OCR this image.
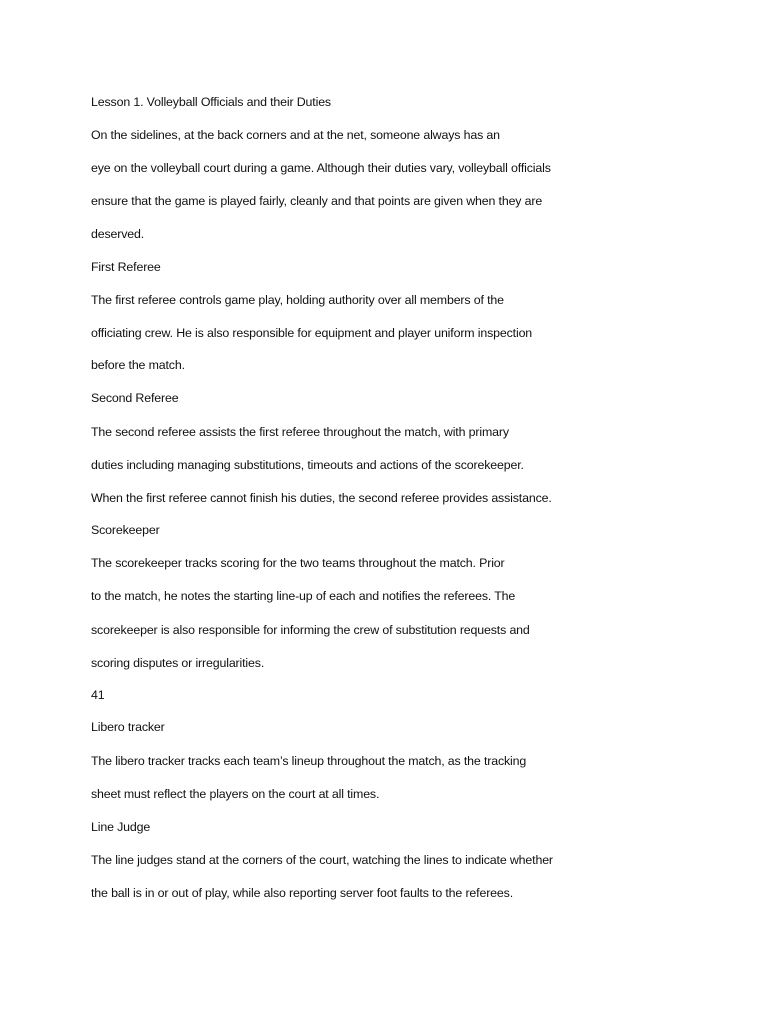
Lesson 1. Volleyball Officials and their Duties
On the sidelines, at the back corners and at the net, someone always has an
eye on the volleyball court during a game. Although their duties vary, volleyball officials
ensure that the game is played fairly, cleanly and that points are given when they are
deserved.
First Referee
The first referee controls game play, holding authority over all members of the
officiating crew. He is also responsible for equipment and player uniform inspection
before the match.
Second Referee
The second referee assists the first referee throughout the match, with primary
duties including managing substitutions, timeouts and actions of the scorekeeper.
When the first referee cannot finish his duties, the second referee provides assistance.
Scorekeeper
The scorekeeper tracks scoring for the two teams throughout the match. Prior
to the match, he notes the starting line-up of each and notifies the referees. The
scorekeeper is also responsible for informing the crew of substitution requests and
scoring disputes or irregularities.
41
Libero tracker
The libero tracker tracks each team’s lineup throughout the match, as the tracking
sheet must reflect the players on the court at all times.
Line Judge
The line judges stand at the corners of the court, watching the lines to indicate whether
the ball is in or out of play, while also reporting server foot faults to the referees.
